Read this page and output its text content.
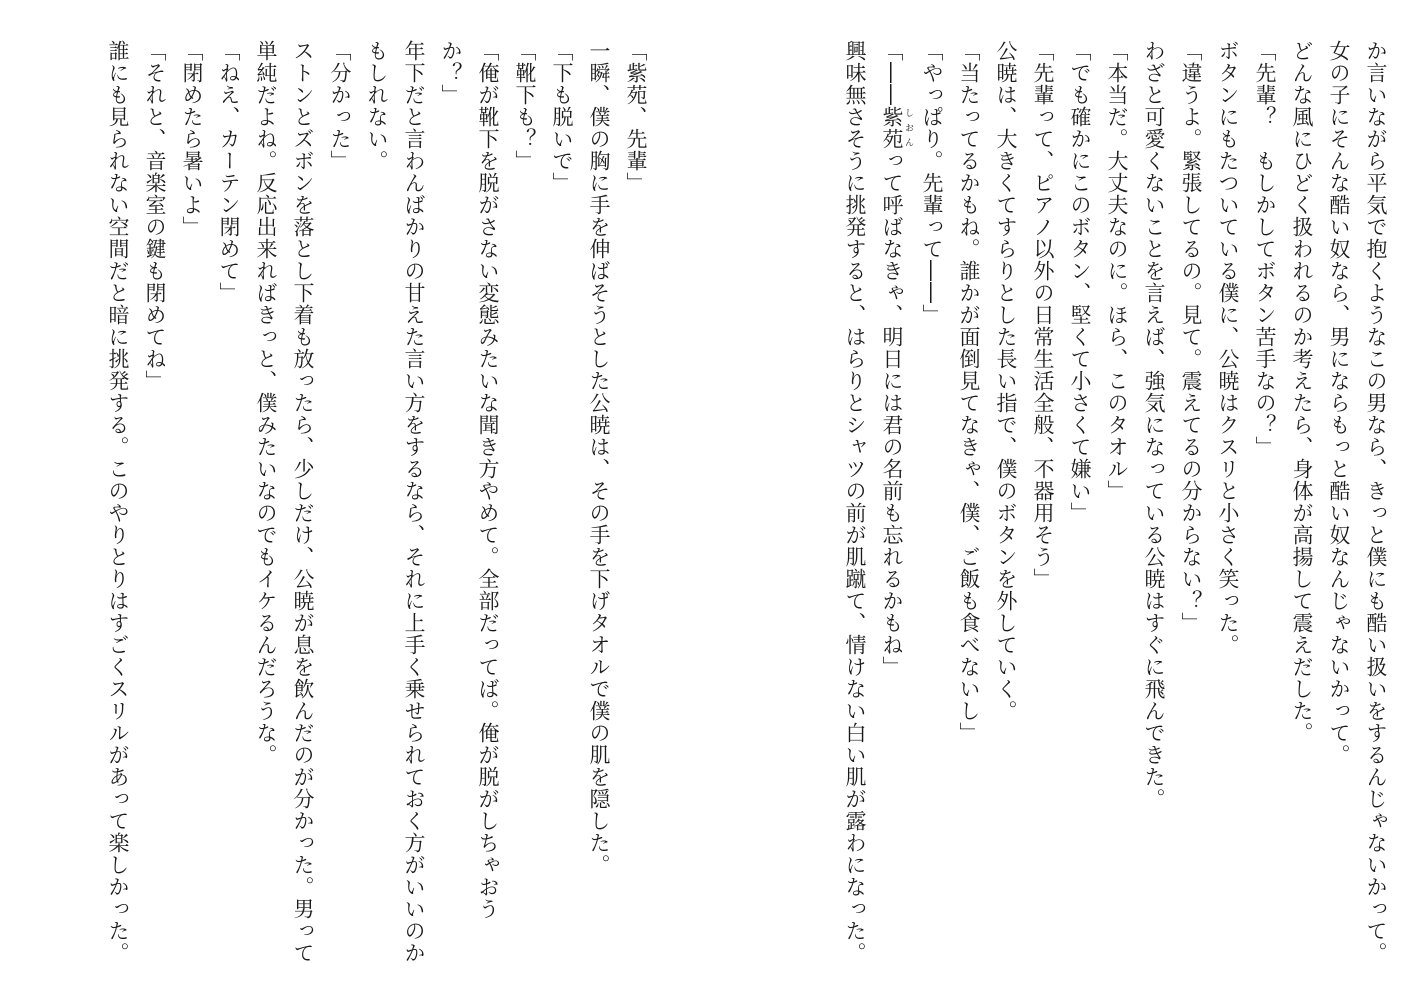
か言いながら平気で抱くようなこの男なら、きっと僕にも酷い扱いをするんじゃないかって。女の子にそんな酷い奴なら、男にならもっと酷い奴なんじゃないかって。

どんな風にひどく扱われるのか考えたら、身体が高揚して震えだした。

「先輩？　もしかしてボタン苦手なの？」

ボタンにもたついている僕に、公暁はクスリと小さく笑った。

「違うよ。緊張してるの。見て。震えてるの分からない？」

わざと可愛くないことを言えば、強気になっている公暁はすぐに飛んできた。

「本当だ。大丈夫なのに。ほら、このタオル」

「でも確かにこのボタン、堅くて小さくて嫌い」

「先輩って、ピアノ以外の日常生活全般、不器用そう」

公暁は、大きくてすらりとした長い指で、僕のボタンを外していく。

「当たってるかもね。誰かが面倒見てなきゃ、僕、ご飯も食べないし」

「やっぱり。先輩って――」

「――紫苑 しおんって呼ばなきゃ、明日には君の名前も忘れるかもね」

興味無さそうに挑発すると、はらりとシャツの前が肌蹴て、情けない白い肌が露わになった。

「紫苑、先輩」

一瞬、僕の胸に手を伸ばそうとした公暁は、その手を下げタオルで僕の肌を隠した。

「下も脱いで」

「靴下も？」

「俺が靴下を脱がさない変態みたいな聞き方やめて。全部だってば。俺が脱がしちゃおうか？」

年下だと言わんばかりの甘えた言い方をするなら、それに上手く乗せられておく方がいいのかもしれない。

「分かった」

ストンとズボンを落とし下着も放ったら、少しだけ、公暁が息を飲んだのが分かった。男って単純だよね。反応出来ればきっと、僕みたいなのでもイケるんだろうな。

「ねえ、カーテン閉めて」

「閉めたら暑いよ」

「それと、音楽室の鍵も閉めてね」

誰にも見られない空間だと暗に挑発する。このやりとりはすごくスリルがあって楽しかった。
